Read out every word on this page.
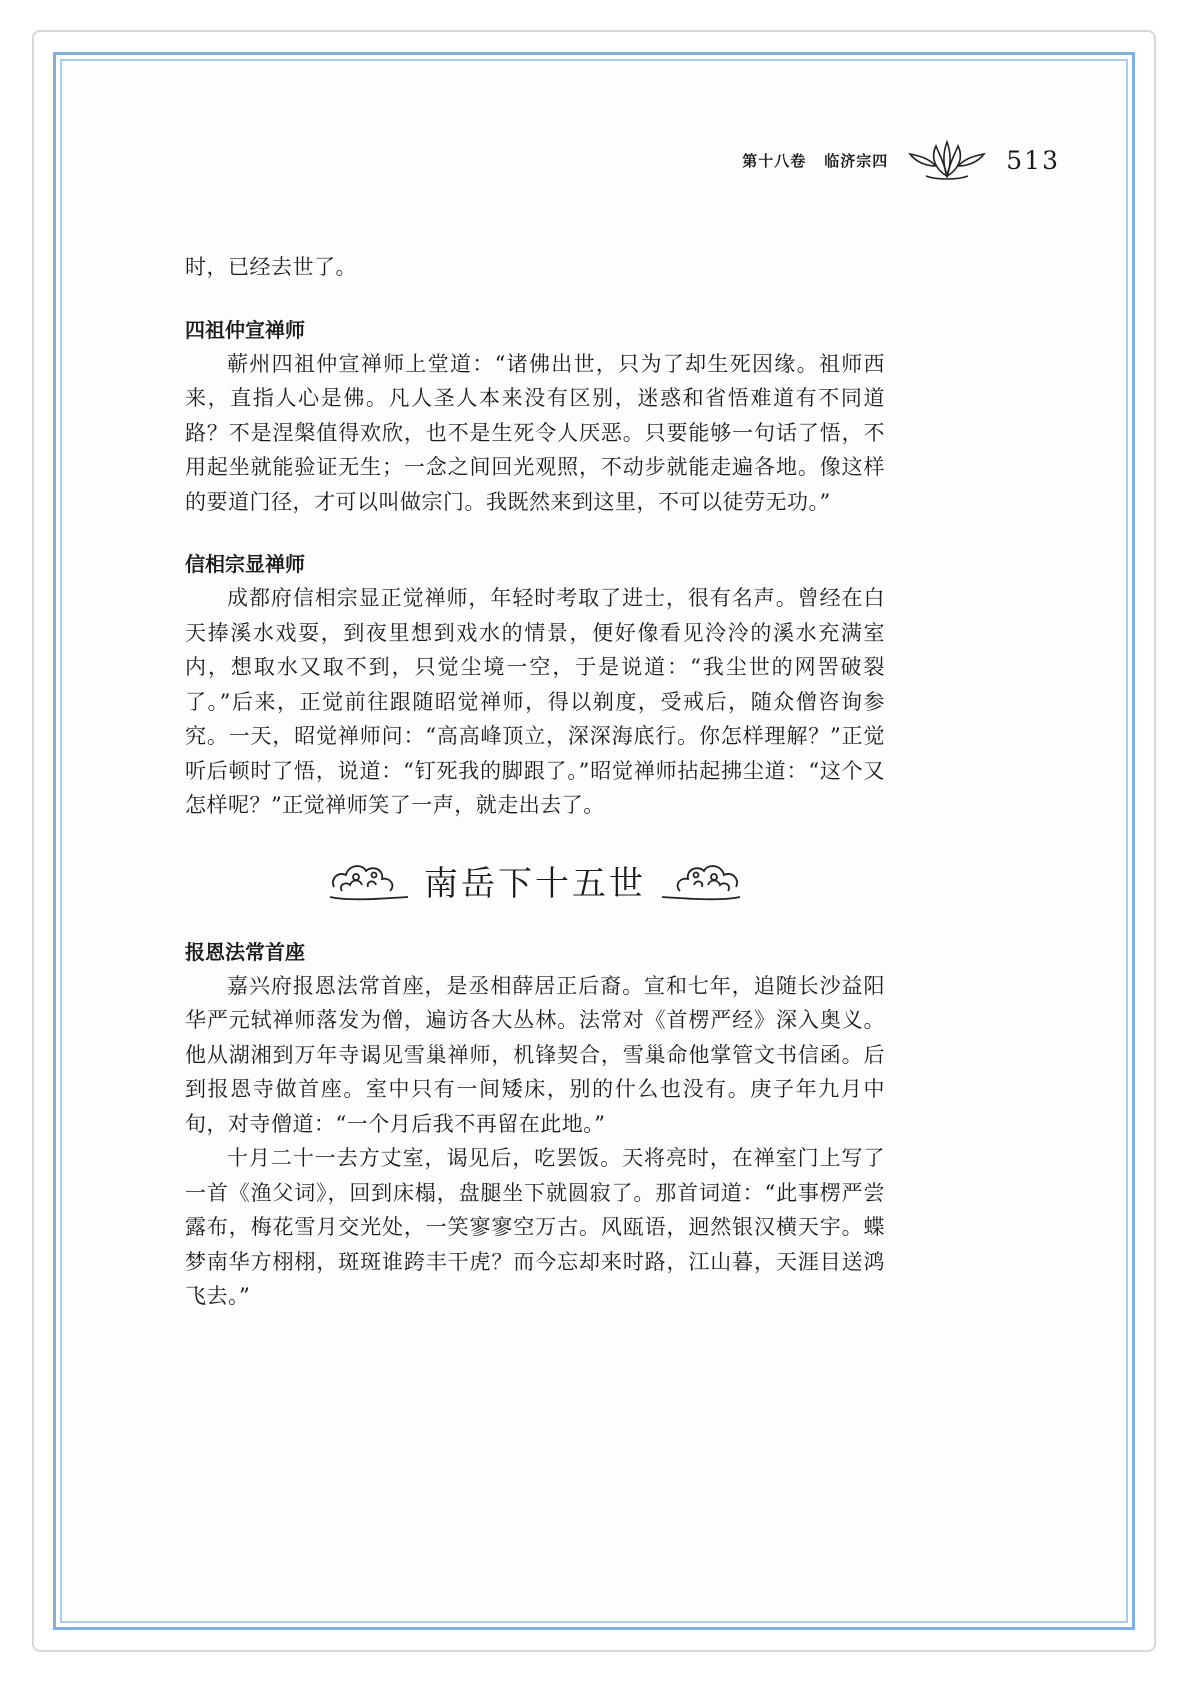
第十八卷 临济宗四	513

时，已经去世了。

四祖仲宣禅师

蕲州四祖仲宣禅师上堂道：“诸佛出世，只为了却生死因缘。祖师西来，直指人心是佛。凡人圣人本来没有区别，迷惑和省悟难道有不同道路？不是涅槃值得欢欣，也不是生死令人厌恶。只要能够一句话了悟，不用起坐就能验证无生；一念之间回光观照，不动步就能走遍各地。像这样的要道门径，才可以叫做宗门。我既然来到这里，不可以徒劳无功。”

信相宗显禅师

成都府信相宗显正觉禅师，年轻时考取了进士，很有名声。曾经在白天捧溪水戏耍，到夜里想到戏水的情景，便好像看见泠泠的溪水充满室内，想取水又取不到，只觉尘境一空，于是说道：“我尘世的网罟破裂了。”后来，正觉前往跟随昭觉禅师，得以剃度，受戒后，随众僧咨询参究。一天，昭觉禅师问：“高高峰顶立，深深海底行。你怎样理解？”正觉听后顿时了悟，说道：“钉死我的脚跟了。”昭觉禅师拈起拂尘道：“这个又怎样呢？”正觉禅师笑了一声，就走出去了。

南岳下十五世
报恩法常首座

嘉兴府报恩法常首座，是丞相薛居正后裔。宣和七年，追随长沙益阳华严元轼禅师落发为僧，遍访各大丛林。法常对《首楞严经》深入奥义。他从湖湘到万年寺谒见雪巢禅师，机锋契合，雪巢命他掌管文书信函。后到报恩寺做首座。室中只有一间矮床，别的什么也没有。庚子年九月中旬，对寺僧道：“一个月后我不再留在此地。”

十月二十一去方丈室，谒见后，吃罢饭。天将亮时，在禅室门上写了一首《渔父词》，回到床榻，盘腿坐下就圆寂了。那首词道：“此事楞严尝露布，梅花雪月交光处，一笑寥寥空万古。风瓯语，迥然银汉横天宇。蝶梦南华方栩栩，斑斑谁跨丰干虎？而今忘却来时路，江山暮，天涯目送鸿飞去。”
